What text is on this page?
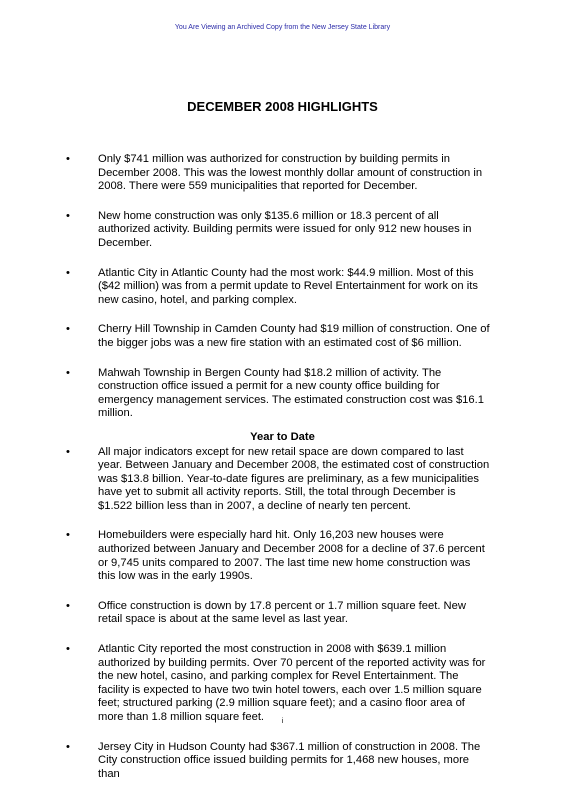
You Are Viewing an Archived Copy from the New Jersey State Library
DECEMBER 2008 HIGHLIGHTS
•	Only $741 million was authorized for construction by building permits in December 2008. This was the lowest monthly dollar amount of construction in 2008. There were 559 municipalities that reported for December.
•	New home construction was only $135.6 million or 18.3 percent of all authorized activity. Building permits were issued for only 912 new houses in December.
•	Atlantic City in Atlantic County had the most work: $44.9 million. Most of this ($42 million) was from a permit update to Revel Entertainment for work on its new casino, hotel, and parking complex.
•	Cherry Hill Township in Camden County had $19 million of construction. One of the bigger jobs was a new fire station with an estimated cost of $6 million.
•	Mahwah Township in Bergen County had $18.2 million of activity. The construction office issued a permit for a new county office building for emergency management services. The estimated construction cost was $16.1 million.
Year to Date
•	All major indicators except for new retail space are down compared to last year. Between January and December 2008, the estimated cost of construction was $13.8 billion. Year-to-date figures are preliminary, as a few municipalities have yet to submit all activity reports. Still, the total through December is $1.522 billion less than in 2007, a decline of nearly ten percent.
•	Homebuilders were especially hard hit. Only 16,203 new houses were authorized between January and December 2008 for a decline of 37.6 percent or 9,745 units compared to 2007. The last time new home construction was this low was in the early 1990s.
•	Office construction is down by 17.8 percent or 1.7 million square feet. New retail space is about at the same level as last year.
•	Atlantic City reported the most construction in 2008 with $639.1 million authorized by building permits. Over 70 percent of the reported activity was for the new hotel, casino, and parking complex for Revel Entertainment. The facility is expected to have two twin hotel towers, each over 1.5 million square feet; structured parking (2.9 million square feet); and a casino floor area of more than 1.8 million square feet.
•	Jersey City in Hudson County had $367.1 million of construction in 2008. The City construction office issued building permits for 1,468 new houses, more than
i
